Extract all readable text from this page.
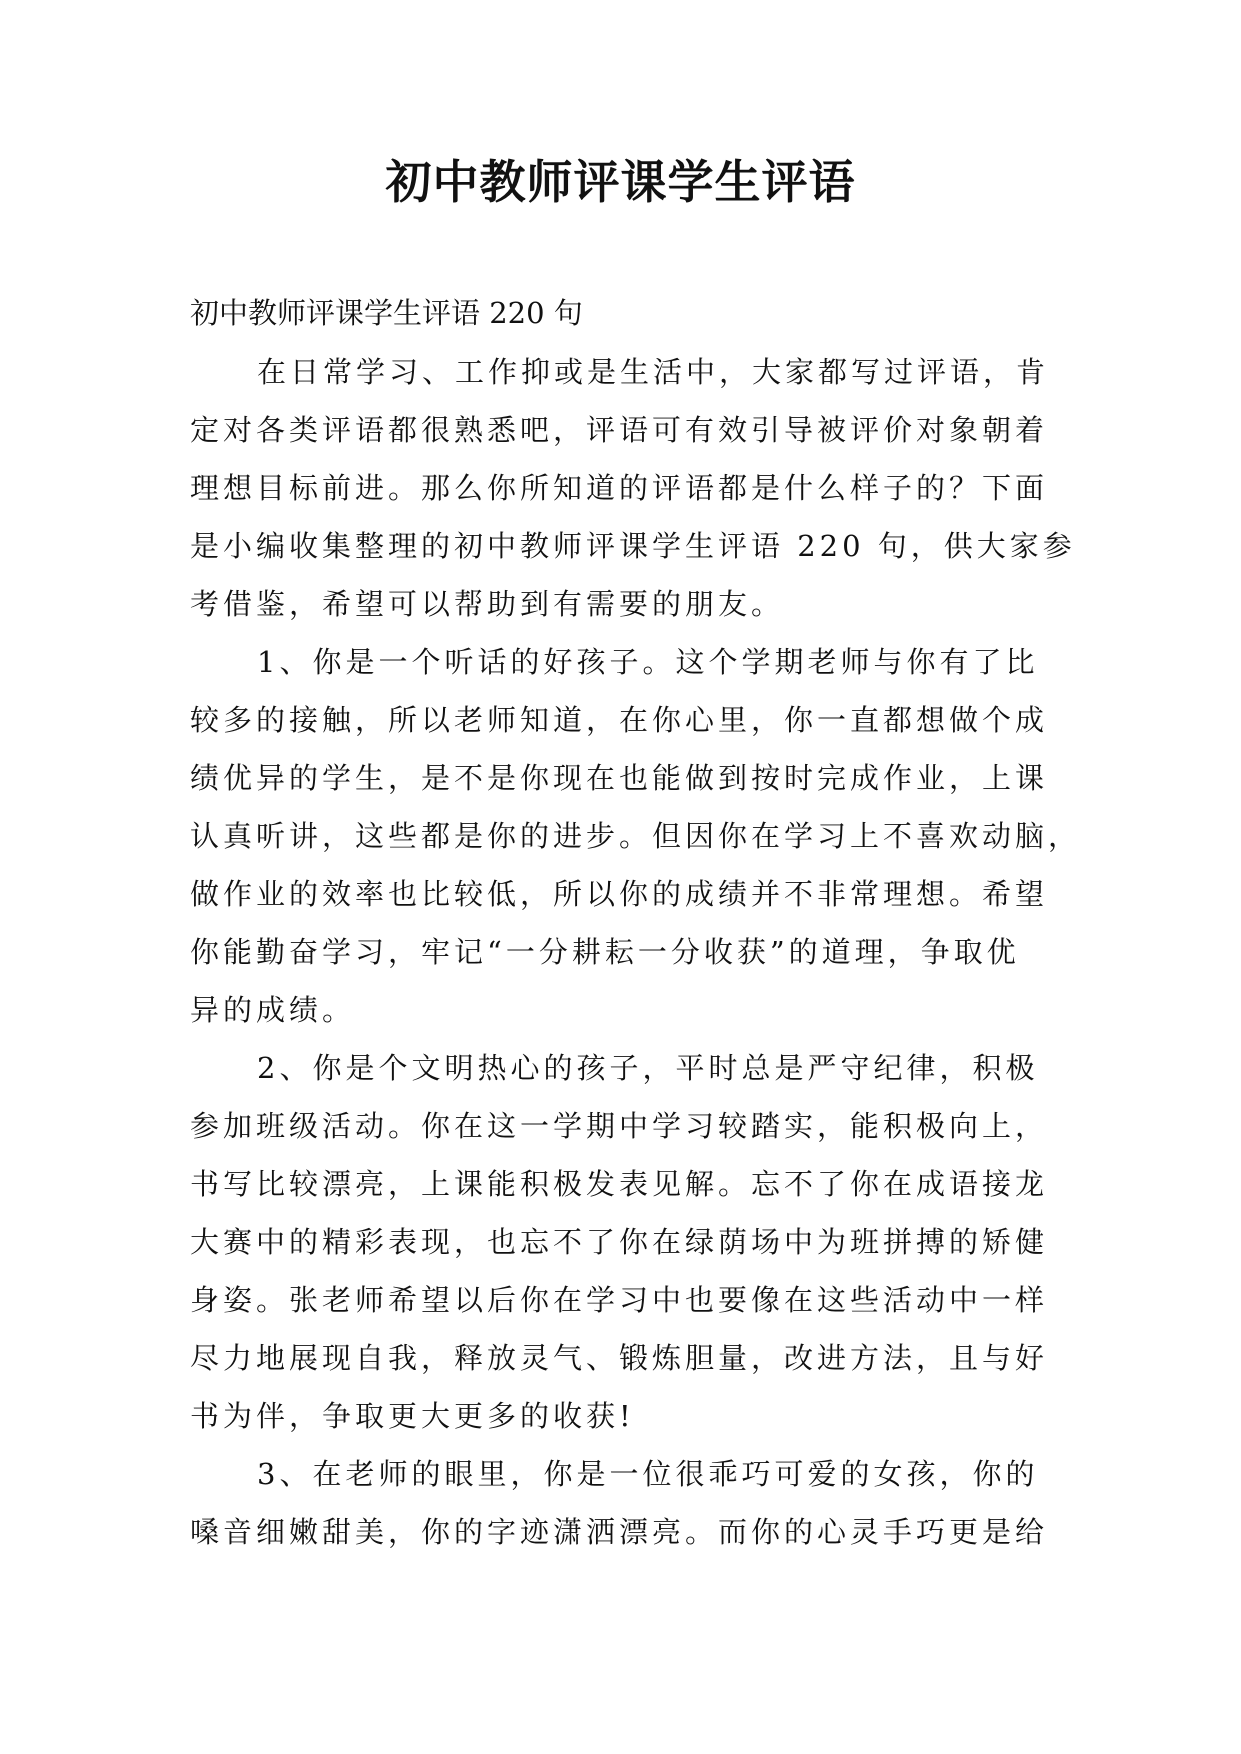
初中教师评课学生评语
初中教师评课学生评语 220 句
在日常学习、工作抑或是生活中，大家都写过评语，肯
定对各类评语都很熟悉吧，评语可有效引导被评价对象朝着
理想目标前进。那么你所知道的评语都是什么样子的？下面
是小编收集整理的初中教师评课学生评语 220 句，供大家参
考借鉴，希望可以帮助到有需要的朋友。
1、你是一个听话的好孩子。这个学期老师与你有了比
较多的接触，所以老师知道，在你心里，你一直都想做个成
绩优异的学生，是不是你现在也能做到按时完成作业，上课
认真听讲，这些都是你的进步。但因你在学习上不喜欢动脑，
做作业的效率也比较低，所以你的成绩并不非常理想。希望
你能勤奋学习，牢记“一分耕耘一分收获”的道理，争取优
异的成绩。
2、你是个文明热心的孩子，平时总是严守纪律，积极
参加班级活动。你在这一学期中学习较踏实，能积极向上，
书写比较漂亮，上课能积极发表见解。忘不了你在成语接龙
大赛中的精彩表现，也忘不了你在绿荫场中为班拼搏的矫健
身姿。张老师希望以后你在学习中也要像在这些活动中一样
尽力地展现自我，释放灵气、锻炼胆量，改进方法，且与好
书为伴，争取更大更多的收获!
3、在老师的眼里，你是一位很乖巧可爱的女孩，你的
嗓音细嫩甜美，你的字迹潇洒漂亮。而你的心灵手巧更是给
